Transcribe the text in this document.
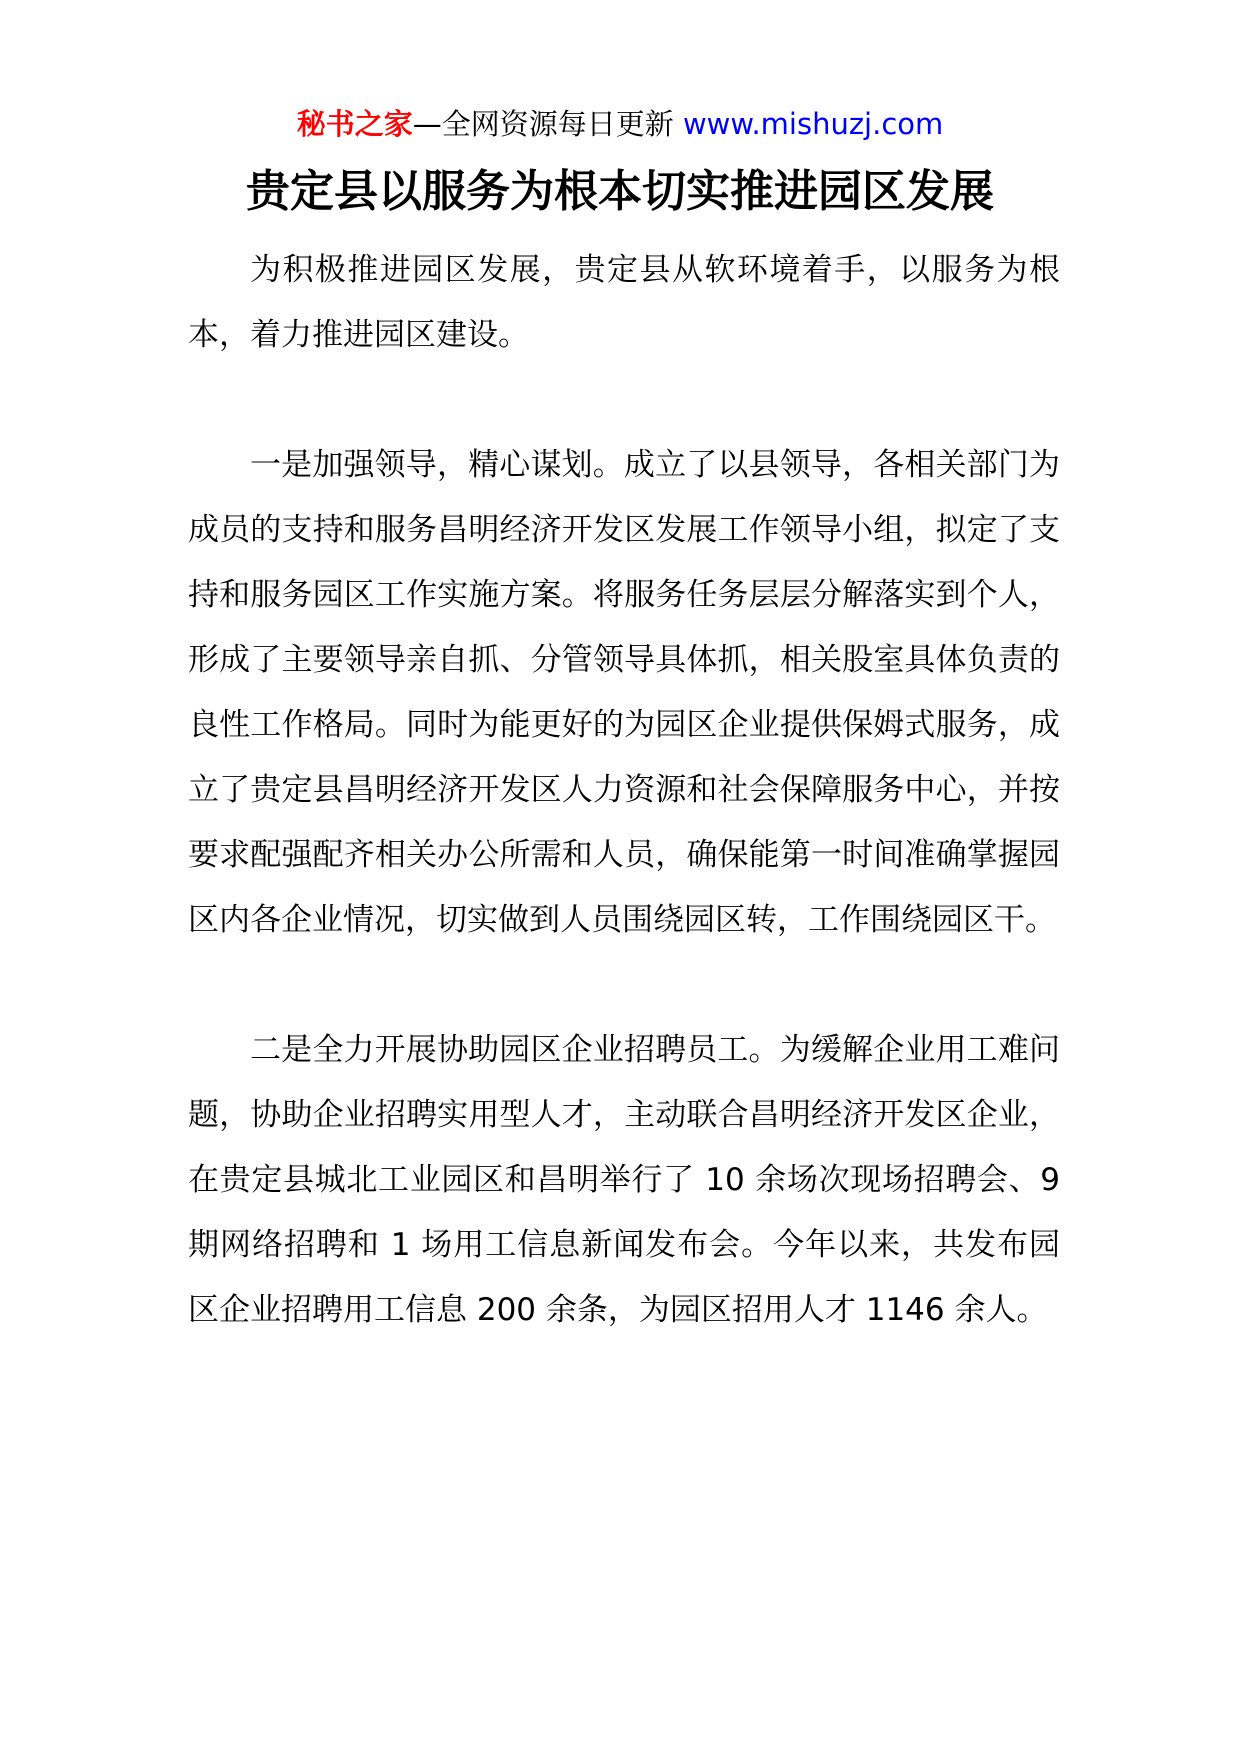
秘书之家—全网资源每日更新 www.mishuzj.com
贵定县以服务为根本切实推进园区发展

为积极推进园区发展，贵定县从软环境着手，以服务为根本，着力推进园区建设。

一是加强领导，精心谋划。成立了以县领导，各相关部门为成员的支持和服务昌明经济开发区发展工作领导小组，拟定了支持和服务园区工作实施方案。将服务任务层层分解落实到个人，形成了主要领导亲自抓、分管领导具体抓，相关股室具体负责的良性工作格局。同时为能更好的为园区企业提供保姆式服务，成立了贵定县昌明经济开发区人力资源和社会保障服务中心，并按要求配强配齐相关办公所需和人员，确保能第一时间准确掌握园区内各企业情况，切实做到人员围绕园区转，工作围绕园区干。

二是全力开展协助园区企业招聘员工。为缓解企业用工难问题，协助企业招聘实用型人才，主动联合昌明经济开发区企业，在贵定县城北工业园区和昌明举行了 10 余场次现场招聘会、9 期网络招聘和 1 场用工信息新闻发布会。今年以来，共发布园区企业招聘用工信息 200 余条，为园区招用人才 1146 余人。
